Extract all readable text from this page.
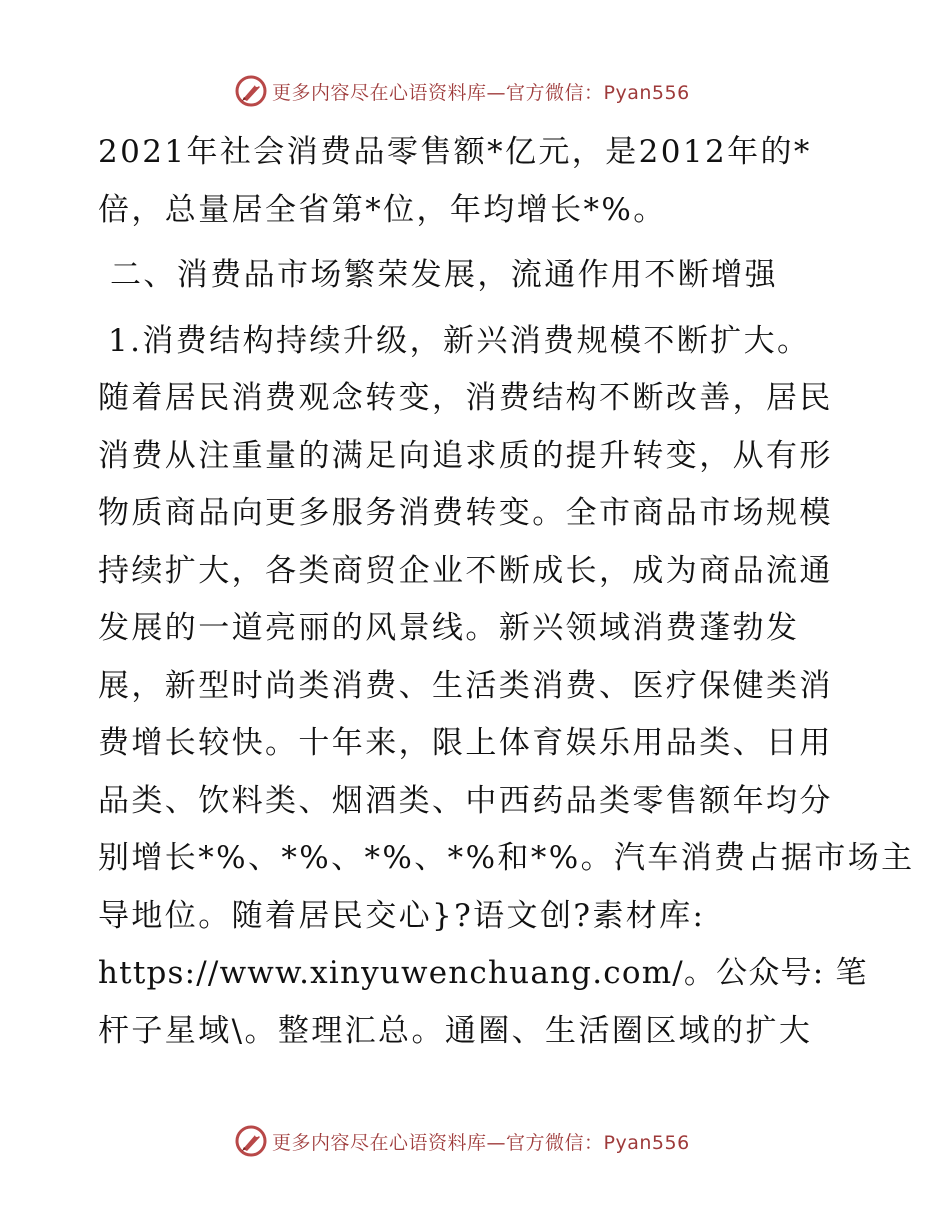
更多内容尽在心语资料库—官方微信：Pyan556
2021年社会消费品零售额*亿元，是2012年的*
倍，总量居全省第*位，年均增长*%。
二、消费品市场繁荣发展，流通作用不断增强
1.消费结构持续升级，新兴消费规模不断扩大。
随着居民消费观念转变，消费结构不断改善，居民
消费从注重量的满足向追求质的提升转变，从有形
物质商品向更多服务消费转变。全市商品市场规模
持续扩大，各类商贸企业不断成长，成为商品流通
发展的一道亮丽的风景线。新兴领域消费蓬勃发
展，新型时尚类消费、生活类消费、医疗保健类消
费增长较快。十年来，限上体育娱乐用品类、日用
品类、饮料类、烟酒类、中西药品类零售额年均分
别增长*%、*%、*%、*%和*%。汽车消费占据市场主
导地位。随着居民交心}?语文创?素材库:
https://www.xinyuwenchuang.com/。公众号: 笔
杆子星域\。整理汇总。通圈、生活圈区域的扩大
更多内容尽在心语资料库—官方微信：Pyan556
